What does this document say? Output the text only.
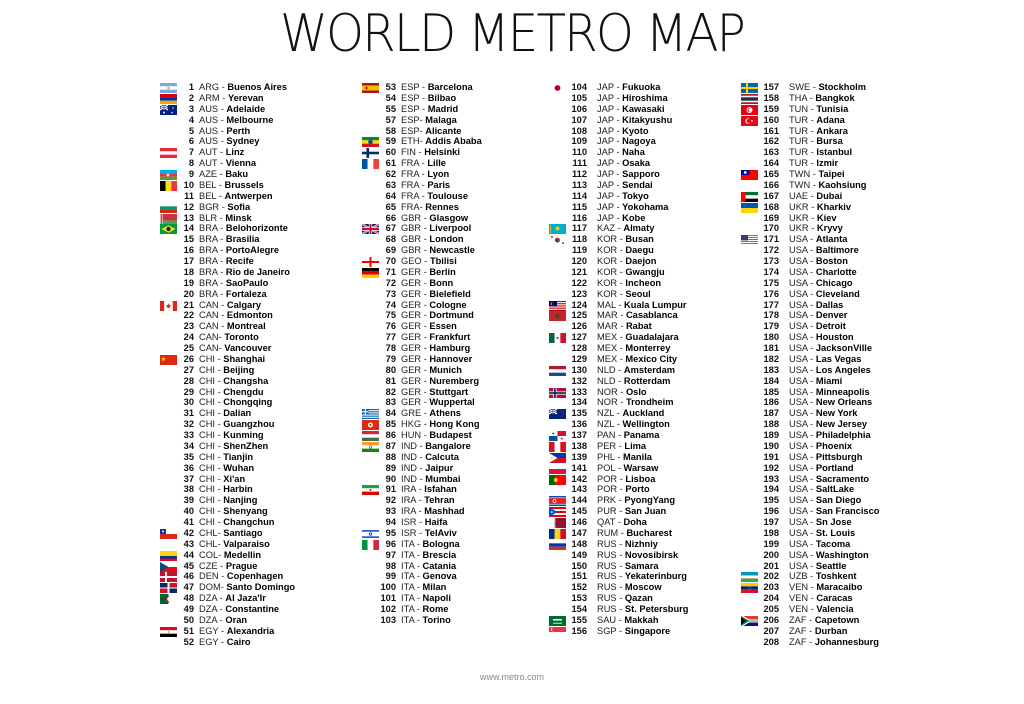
WORLD METRO MAP
1 ARG - Buenos Aires
2 ARM - Yerevan
3 AUS - Adelaide
4 AUS - Melbourne
5 AUS - Perth
6 AUS - Sydney
7 AUT - Linz
8 AUT - Vienna
9 AZE - Baku
10 BEL - Brussels
11 BEL - Antwerpen
12 BGR - Sofia
13 BLR - Minsk
14 BRA - Belohorizonte
15 BRA - Brasilia
16 BRA - PortoAlegre
17 BRA - Recife
18 BRA - Rio de Janeiro
19 BRA - SaoPaulo
20 BRA - Fortaleza
21 CAN - Calgary
22 CAN - Edmonton
23 CAN - Montreal
24 CAN- Toronto
25 CAN- Vancouver
26 CHI - Shanghai
27 CHI - Beijing
28 CHI - Changsha
29 CHI - Chengdu
30 CHI - Chongqing
31 CHI - Dalian
32 CHI - Guangzhou
33 CHI - Kunming
34 CHI - ShenZhen
35 CHI - Tianjin
36 CHI - Wuhan
37 CHI - Xi'an
38 CHI - Harbin
39 CHI - Nanjing
40 CHI - Shenyang
41 CHI - Changchun
42 CHL- Santiago
43 CHL- Valparaiso
44 COL- Medellin
45 CZE - Prague
46 DEN - Copenhagen
47 DOM- Santo Domingo
48 DZA - Al Jaza'Ir
49 DZA - Constantine
50 DZA - Oran
51 EGY - Alexandria
52 EGY - Cairo
53 ESP - Barcelona
54 ESP - Bilbao
55 ESP - Madrid
57 ESP- Malaga
58 ESP- Alicante
59 ETH- Addis Ababa
60 FIN - Helsinki
61 FRA - Lille
62 FRA - Lyon
63 FRA - Paris
64 FRA - Toulouse
65 FRA- Rennes
66 GBR - Glasgow
67 GBR - Liverpool
68 GBR - London
69 GBR - Newcastle
70 GEO - Tbilisi
71 GER - Berlin
72 GER - Bonn
73 GER - Bielefield
74 GER - Cologne
75 GER - Dortmund
76 GER - Essen
77 GER - Frankfurt
78 GER - Hamburg
79 GER - Hannover
80 GER - Munich
81 GER - Nuremberg
82 GER - Stuttgart
83 GER - Wuppertal
84 GRE - Athens
85 HKG - Hong Kong
86 HUN - Budapest
87 IND - Bangalore
88 IND - Calcuta
89 IND - Jaipur
90 IND - Mumbai
91 IRA - Isfahan
92 IRA - Tehran
93 IRA - Mashhad
94 ISR - Haifa
95 ISR - TelAviv
96 ITA - Bologna
97 ITA - Brescia
98 ITA - Catania
99 ITA - Genova
100 ITA - Milan
101 ITA - Napoli
102 ITA - Rome
103 ITA - Torino
104 JAP - Fukuoka
105 JAP - Hiroshima
106 JAP - Kawasaki
107 JAP - Kitakyushu
108 JAP - Kyoto
109 JAP - Nagoya
110 JAP - Naha
111 JAP - Osaka
112 JAP - Sapporo
113 JAP - Sendai
114 JAP - Tokyo
115 JAP - Yokohama
116 JAP - Kobe
117 KAZ - Almaty
118 KOR - Busan
119 KOR - Daegu
120 KOR - Daejon
121 KOR - Gwangju
122 KOR - Incheon
123 KOR - Seoul
124 MAL - Kuala Lumpur
125 MAR - Casablanca
126 MAR - Rabat
127 MEX - Guadalajara
128 MEX - Monterrey
129 MEX - Mexico City
130 NLD - Amsterdam
132 NLD - Rotterdam
133 NOR - Oslo
134 NOR - Trondheim
135 NZL - Auckland
136 NZL - Wellington
137 PAN - Panama
138 PER - Lima
139 PHL - Manila
141 POL - Warsaw
142 POR - Lisboa
143 POR - Porto
144 PRK - PyongYang
145 PUR - San Juan
146 QAT - Doha
147 RUM - Bucharest
148 RUS - Nizhniy
149 RUS - Novosibirsk
150 RUS - Samara
151 RUS - Yekaterinburg
152 RUS - Moscow
153 RUS - Qazan
154 RUS - St. Petersburg
155 SAU - Makkah
156 SGP - Singapore
157 SWE - Stockholm
158 THA - Bangkok
159 TUN - Tunisia
160 TUR - Adana
161 TUR - Ankara
162 TUR - Bursa
163 TUR - Istanbul
164 TUR - Izmir
165 TWN - Taipei
166 TWN - Kaohsiung
167 UAE - Dubai
168 UKR - Kharkiv
169 UKR - Kiev
170 UKR - Kryvy
171 USA - Atlanta
172 USA - Baltimore
173 USA - Boston
174 USA - Charlotte
175 USA - Chicago
176 USA - Cleveland
177 USA - Dallas
178 USA - Denver
179 USA - Detroit
180 USA - Houston
181 USA - JacksonVille
182 USA - Las Vegas
183 USA - Los Angeles
184 USA - Miami
185 USA - Minneapolis
186 USA - New Orleans
187 USA - New York
188 USA - New Jersey
189 USA - Philadelphia
190 USA - Phoenix
191 USA - Pittsburgh
192 USA - Portland
193 USA - Sacramento
194 USA - SaltLake
195 USA - San Diego
196 USA - San Francisco
197 USA - Sn Jose
198 USA - St. Louis
199 USA - Tacoma
200 USA - Washington
201 USA - Seattle
202 UZB - Toshkent
203 VEN - Maracaibo
204 VEN - Caracas
205 VEN - Valencia
206 ZAF - Capetown
207 ZAF - Durban
208 ZAF - Johannesburg
www.metro.com
